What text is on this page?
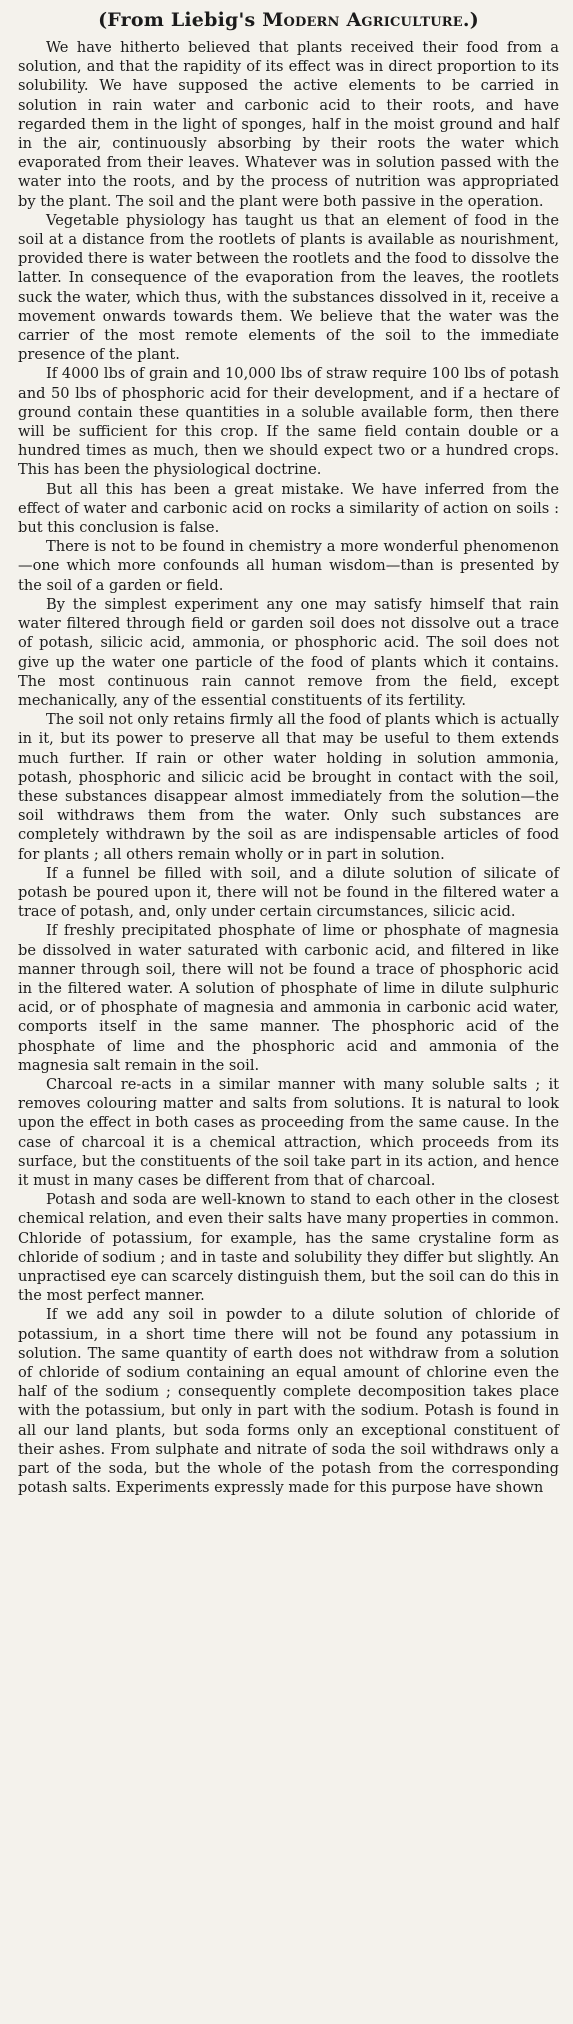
(From Liebig's Modern Agriculture.)

We have hitherto believed that plants received their food from a solution, and that the rapidity of its effect was in direct proportion to its solubility. We have supposed the active elements to be carried in solution in rain water and carbonic acid to their roots, and have regarded them in the light of sponges, half in the moist ground and half in the air, continuously absorbing by their roots the water which evaporated from their leaves. Whatever was in solution passed with the water into the roots, and by the process of nutrition was appropriated by the plant. The soil and the plant were both passive in the operation.

Vegetable physiology has taught us that an element of food in the soil at a distance from the rootlets of plants is available as nourishment, provided there is water between the rootlets and the food to dissolve the latter. In consequence of the evaporation from the leaves, the rootlets suck the water, which thus, with the substances dissolved in it, receive a movement onwards towards them. We believe that the water was the carrier of the most remote elements of the soil to the immediate presence of the plant.

If 4000 lbs of grain and 10,000 lbs of straw require 100 lbs of potash and 50 lbs of phosphoric acid for their development, and if a hectare of ground contain these quantities in a soluble available form, then there will be sufficient for this crop. If the same field contain double or a hundred times as much, then we should expect two or a hundred crops. This has been the physiological doctrine.

But all this has been a great mistake. We have inferred from the effect of water and carbonic acid on rocks a similarity of action on soils : but this conclusion is false.

There is not to be found in chemistry a more wonderful phenomenon—one which more confounds all human wisdom—than is presented by the soil of a garden or field.

By the simplest experiment any one may satisfy himself that rain water filtered through field or garden soil does not dissolve out a trace of potash, silicic acid, ammonia, or phosphoric acid. The soil does not give up the water one particle of the food of plants which it contains. The most continuous rain cannot remove from the field, except mechanically, any of the essential constituents of its fertility.

The soil not only retains firmly all the food of plants which is actually in it, but its power to preserve all that may be useful to them extends much further. If rain or other water holding in solution ammonia, potash, phosphoric and silicic acid be brought in contact with the soil, these substances disappear almost immediately from the solution—the soil withdraws them from the water. Only such substances are completely withdrawn by the soil as are indispensable articles of food for plants ; all others remain wholly or in part in solution.

If a funnel be filled with soil, and a dilute solution of silicate of potash be poured upon it, there will not be found in the filtered water a trace of potash, and, only under certain circumstances, silicic acid.

If freshly precipitated phosphate of lime or phosphate of magnesia be dissolved in water saturated with carbonic acid, and filtered in like manner through soil, there will not be found a trace of phosphoric acid in the filtered water. A solution of phosphate of lime in dilute sulphuric acid, or of phosphate of magnesia and ammonia in carbonic acid water, comports itself in the same manner. The phosphoric acid of the phosphate of lime and the phosphoric acid and ammonia of the magnesia salt remain in the soil.

Charcoal re-acts in a similar manner with many soluble salts ; it removes colouring matter and salts from solutions. It is natural to look upon the effect in both cases as proceeding from the same cause. In the case of charcoal it is a chemical attraction, which proceeds from its surface, but the constituents of the soil take part in its action, and hence it must in many cases be different from that of charcoal.

Potash and soda are well-known to stand to each other in the closest chemical relation, and even their salts have many properties in common. Chloride of potassium, for example, has the same crystaline form as chloride of sodium ; and in taste and solubility they differ but slightly. An unpractised eye can scarcely distinguish them, but the soil can do this in the most perfect manner.

If we add any soil in powder to a dilute solution of chloride of potassium, in a short time there will not be found any potassium in solution. The same quantity of earth does not withdraw from a solution of chloride of sodium containing an equal amount of chlorine even the half of the sodium ; consequently complete decomposition takes place with the potassium, but only in part with the sodium. Potash is found in all our land plants, but soda forms only an exceptional constituent of their ashes. From sulphate and nitrate of soda the soil withdraws only a part of the soda, but the whole of the potash from the corresponding potash salts. Experiments expressly made for this purpose have shown
